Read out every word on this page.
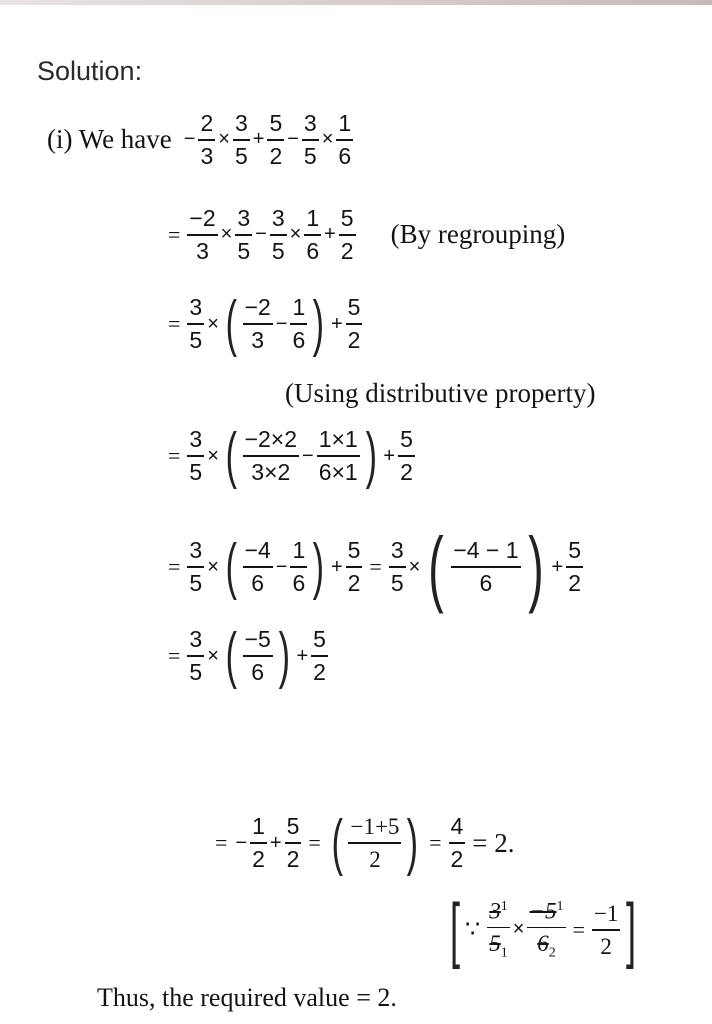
Solution:
(i) We have − $\frac{2}{3} \times \frac{3}{5} + \frac{5}{2} - \frac{3}{5} \times \frac{1}{6}$
= $\frac{-2}{3} \times \frac{3}{5} - \frac{3}{5} \times \frac{1}{6} + \frac{5}{2} (By$ regrouping)
= $\frac{3}{5}$ × ( $\frac{-2}{3} - \frac{1}{6}$ ) + $\frac{5}{2}$
(Using distributive property)
= $\frac{3}{5}$ × ( $\frac{-2\times 2}{3\times 2} - \frac{1\times 1}{6\times 1}$ ) + $\frac{5}{2}$
= $\frac{3}{5}$ × ( $\frac{-4}{6} - \frac{1}{6}$ ) + $\frac{5}{2} = \frac{3}{5}$ × ( $\frac{-4 - 1}{6}$ ) + $\frac{5}{2}$
= $\frac{3}{5}$ × ( $\frac{-5}{6}$ ) + $\frac{5}{2}$
= − $\frac{1}{2} + \frac{5}{2}$ = ( $\frac{-1+5}{2}$ ) = $\frac{4}{2} = 2$.
[ ∵ $\frac{3^1}{5_1} \times \frac{-5^1}{6_2} = \frac{-1}{2}$ ]
Thus, the required value = 2.
